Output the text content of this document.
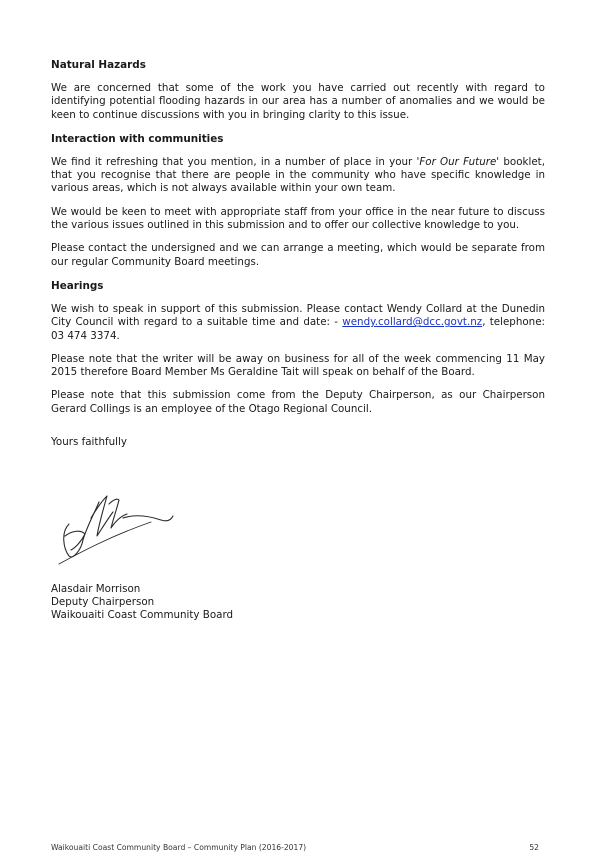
Natural Hazards

We are concerned that some of the work you have carried out recently with regard to identifying potential flooding hazards in our area has a number of anomalies and we would be keen to continue discussions with you in bringing clarity to this issue.

Interaction with communities

We find it refreshing that you mention, in a number of place in your 'For Our Future' booklet, that you recognise that there are people in the community who have specific knowledge in various areas, which is not always available within your own team.

We would be keen to meet with appropriate staff from your office in the near future to discuss the various issues outlined in this submission and to offer our collective knowledge to you.

Please contact the undersigned and we can arrange a meeting, which would be separate from our regular Community Board meetings.

Hearings

We wish to speak in support of this submission. Please contact Wendy Collard at the Dunedin City Council with regard to a suitable time and date: - wendy.collard@dcc.govt.nz, telephone: 03 474 3374.

Please note that the writer will be away on business for all of the week commencing 11 May 2015 therefore Board Member Ms Geraldine Tait will speak on behalf of the Board.

Please note that this submission come from the Deputy Chairperson, as our Chairperson Gerard Collings is an employee of the Otago Regional Council.

Yours faithfully
Alasdair Morrison
Deputy Chairperson
Waikouaiti Coast Community Board
Waikouaiti Coast Community Board – Community Plan (2016-2017)	52
